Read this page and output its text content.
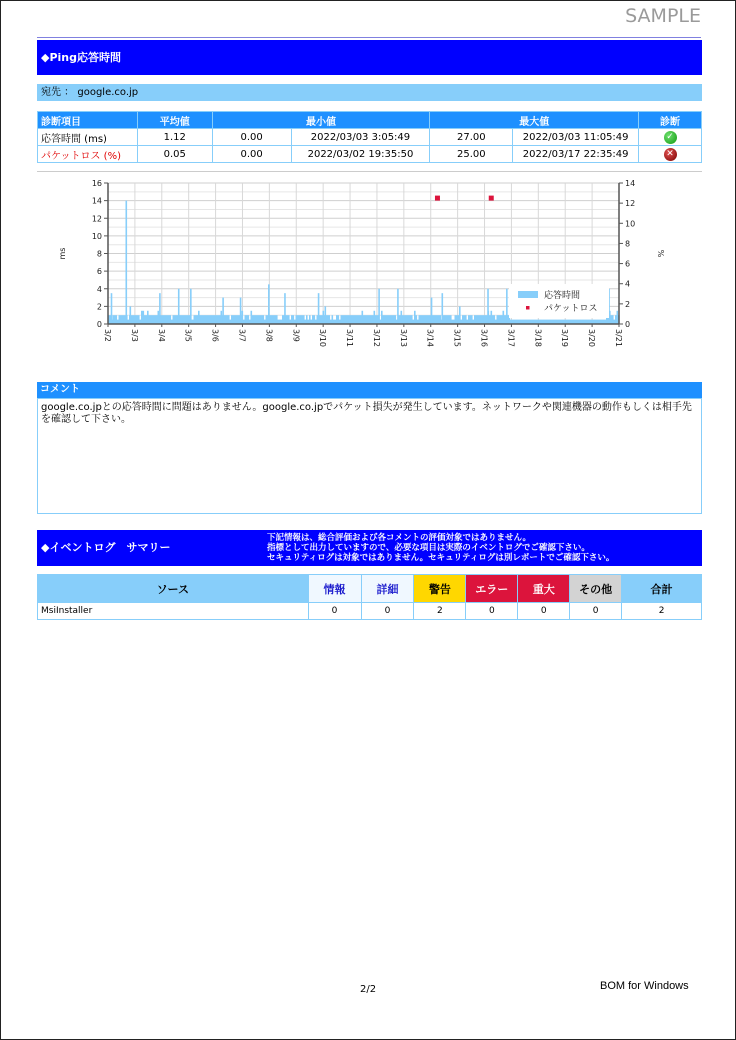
SAMPLE
◆Ping応答時間
宛先 ： google.co.jp
診断項目	平均値	最小値		最大値		診断
応答時間 (ms)	1.12	0.00	2022/03/03 3:05:49	27.00	2022/03/03 11:05:49	✓
パケットロス (%)	0.05	0.00	2022/03/02 19:35:50	25.00	2022/03/17 22:35:49	✕
0
2
4
6
8
10
12
14
16
0
2
4
6
8
10
12
14
3/2 3/3 3/4 3/5 3/6 3/7 3/8 3/9 3/10 3/11 3/12 3/13 3/14 3/15 3/16 3/17 3/18 3/19 3/20 3/21
ms	%
応答時間
パケットロス
コメント
google.co.jpとの応答時間に問題はありません。google.co.jpでパケット損失が発生しています。ネットワークや関連機器の動作もしくは相手先を確認して下さい。
◆イベントログ　サマリー
下記情報は、総合評価および各コメントの評価対象ではありません。
指標として出力していますので、必要な項目は実際のイベントログでご確認下さい。
セキュリティログは対象ではありません。セキュリティログは別レポートでご確認下さい。
ソース	情報	詳細	警告	エラー	重大	その他	合計
MsiInstaller	0	0	2	0	0	0	2
2/2	BOM for Windows
